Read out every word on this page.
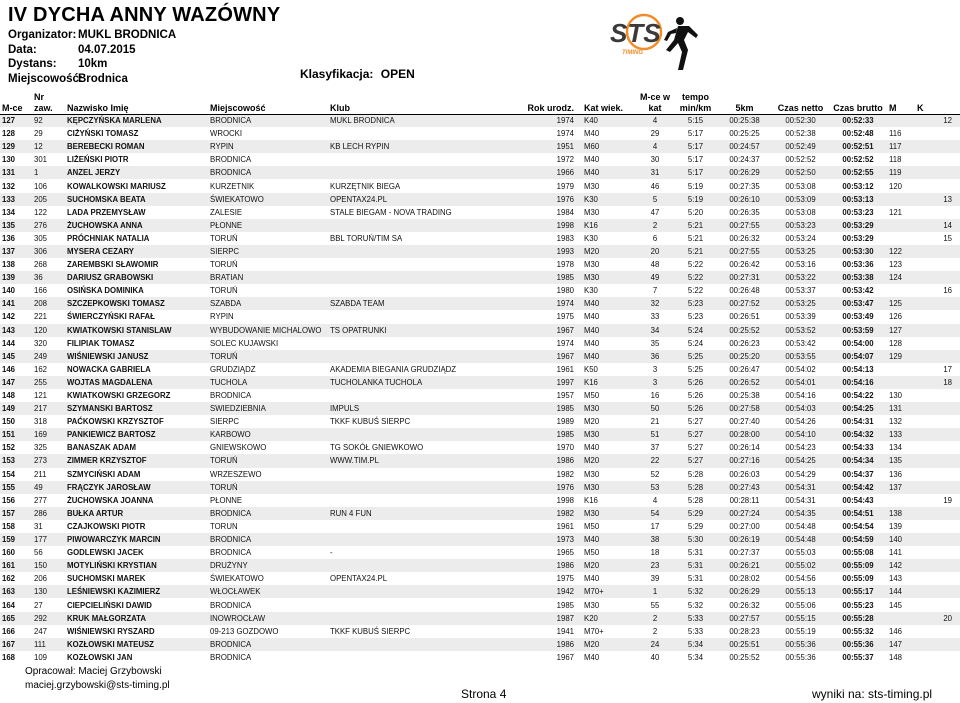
IV DYCHA ANNY WAZÓWNY
Organizator: MUKL BRODNICA
Data:	04.07.2015
Dystans:	10km
Miejscowość:
Brodnica	Klasyfikacja: OPEN
STS
TIMING
M-ce	Nr zaw.	Nazwisko Imię	Miejscowość	Klub	Rok urodz.	Kat wiek.	M-ce w kat	tempo min/km	5km	Czas netto	Czas brutto	M	K
127	92	KĘPCZYŃSKA MARLENA	BRODNICA	MUKL BRODNICA	1974	K40	4	5:15	00:25:38	00:52:30	00:52:33		12
128	29	CIŻYŃSKI TOMASZ	WROCKI		1974	M40	29	5:17	00:25:25	00:52:38	00:52:48	116	
129	12	BEREBECKI ROMAN	RYPIN	KB LECH RYPIN	1951	M60	4	5:17	00:24:57	00:52:49	00:52:51	117	
130	301	LIŻEŃSKI PIOTR	BRODNICA		1972	M40	30	5:17	00:24:37	00:52:52	00:52:52	118	
131	1	ANZEL JERZY	BRODNICA		1966	M40	31	5:17	00:26:29	00:52:50	00:52:55	119	
132	106	KOWALKOWSKI MARIUSZ	KURZETNIK	KURZĘTNIK BIEGA	1979	M30	46	5:19	00:27:35	00:53:08	00:53:12	120	
133	205	SUCHOMSKA BEATA	ŚWIEKATOWO	OPENTAX24.PL	1976	K30	5	5:19	00:26:10	00:53:09	00:53:13		13
134	122	LADA PRZEMYSŁAW	ZALESIE	STALE BIEGAM - NOVA TRADING	1984	M30	47	5:20	00:26:35	00:53:08	00:53:23	121	
135	276	ŻUCHOWSKA ANNA	PŁONNE		1998	K16	2	5:21	00:27:55	00:53:23	00:53:29		14
136	305	PRÓCHNIAK NATALIA	TORUŃ	BBL TORUŃ/TIM SA	1983	K30	6	5:21	00:26:32	00:53:24	00:53:29		15
137	306	MYSERA CEZARY	SIERPC		1993	M20	20	5:21	00:27:55	00:53:25	00:53:30	122	
138	268	ZAREMBSKI SŁAWOMIR	TORUŃ		1978	M30	48	5:22	00:26:42	00:53:16	00:53:36	123	
139	36	DARIUSZ GRABOWSKI	BRATIAN		1985	M30	49	5:22	00:27:31	00:53:22	00:53:38	124	
140	166	OSIŃSKA DOMINIKA	TORUŃ		1980	K30	7	5:22	00:26:48	00:53:37	00:53:42		16
141	208	SZCZEPKOWSKI TOMASZ	SZABDA	SZABDA TEAM	1974	M40	32	5:23	00:27:52	00:53:25	00:53:47	125	
142	221	ŚWIERCZYŃSKI RAFAŁ	RYPIN		1975	M40	33	5:23	00:26:51	00:53:39	00:53:49	126	
143	120	KWIATKOWSKI STANISLAW	WYBUDOWANIE MICHALOWO	TS OPATRUNKI	1967	M40	34	5:24	00:25:52	00:53:52	00:53:59	127	
144	320	FILIPIAK TOMASZ	SOLEC KUJAWSKI		1974	M40	35	5:24	00:26:23	00:53:42	00:54:00	128	
145	249	WIŚNIEWSKI JANUSZ	TORUŃ		1967	M40	36	5:25	00:25:20	00:53:55	00:54:07	129	
146	162	NOWACKA GABRIELA	GRUDZIĄDZ	AKADEMIA BIEGANIA GRUDZIĄDZ	1961	K50	3	5:25	00:26:47	00:54:02	00:54:13		17
147	255	WOJTAS MAGDALENA	TUCHOLA	TUCHOLANKA TUCHOLA	1997	K16	3	5:26	00:26:52	00:54:01	00:54:16		18
148	121	KWIATKOWSKI GRZEGORZ	BRODNICA		1957	M50	16	5:26	00:25:38	00:54:16	00:54:22	130	
149	217	SZYMANSKI BARTOSZ	SWIEDZIEBNIA	IMPULS	1985	M30	50	5:26	00:27:58	00:54:03	00:54:25	131	
150	318	PAĆKOWSKI KRZYSZTOF	SIERPC	TKKF KUBUŚ SIERPC	1989	M20	21	5:27	00:27:40	00:54:26	00:54:31	132	
151	169	PANKIEWICZ BARTOSZ	KARBOWO		1985	M30	51	5:27	00:28:00	00:54:10	00:54:32	133	
152	325	BANASZAK ADAM	GNIEWSKOWO	TG SOKÓŁ GNIEWKOWO	1970	M40	37	5:27	00:26:14	00:54:23	00:54:33	134	
153	273	ZIMMER KRZYSZTOF	TORUŃ	WWW.TIM.PL	1986	M20	22	5:27	00:27:16	00:54:25	00:54:34	135	
154	211	SZMYCIŃSKI ADAM	WRZESZEWO		1982	M30	52	5:28	00:26:03	00:54:29	00:54:37	136	
155	49	FRĄCZYK JAROSŁAW	TORUŃ		1976	M30	53	5:28	00:27:43	00:54:31	00:54:42	137	
156	277	ŻUCHOWSKA JOANNA	PŁONNE		1998	K16	4	5:28	00:28:11	00:54:31	00:54:43		19
157	286	BUŁKA ARTUR	BRODNICA	RUN 4 FUN	1982	M30	54	5:29	00:27:24	00:54:35	00:54:51	138	
158	31	CZAJKOWSKI PIOTR	TORUN		1961	M50	17	5:29	00:27:00	00:54:48	00:54:54	139	
159	177	PIWOWARCZYK MARCIN	BRODNICA		1973	M40	38	5:30	00:26:19	00:54:48	00:54:59	140	
160	56	GODLEWSKI JACEK	BRODNICA	-	1965	M50	18	5:31	00:27:37	00:55:03	00:55:08	141	
161	150	MOTYLIŃSKI KRYSTIAN	DRUŻYNY		1986	M20	23	5:31	00:26:21	00:55:02	00:55:09	142	
162	206	SUCHOMSKI MAREK	ŚWIEKATOWO	OPENTAX24.PL	1975	M40	39	5:31	00:28:02	00:54:56	00:55:09	143	
163	130	LEŚNIEWSKI KAZIMIERZ	WŁOCŁAWEK		1942	M70+	1	5:32	00:26:29	00:55:13	00:55:17	144	
164	27	CIEPCIELIŃSKI DAWID	BRODNICA		1985	M30	55	5:32	00:26:32	00:55:06	00:55:23	145	
165	292	KRUK MAŁGORZATA	INOWROCŁAW		1987	K20	2	5:33	00:27:57	00:55:15	00:55:28		20
166	247	WIŚNIEWSKI RYSZARD	09-213 GOZDOWO	TKKF KUBUŚ SIERPC	1941	M70+	2	5:33	00:28:23	00:55:19	00:55:32	146	
167	111	KOZŁOWSKI MATEUSZ	BRODNICA		1986	M20	24	5:34	00:25:51	00:55:36	00:55:36	147	
168	109	KOZŁOWSKI JAN	BRODNICA		1967	M40	40	5:34	00:25:52	00:55:36	00:55:37	148	
Opracował: Maciej Grzybowski
maciej.grzybowski@sts-timing.pl
Strona 4	wyniki na: sts-timing.pl
